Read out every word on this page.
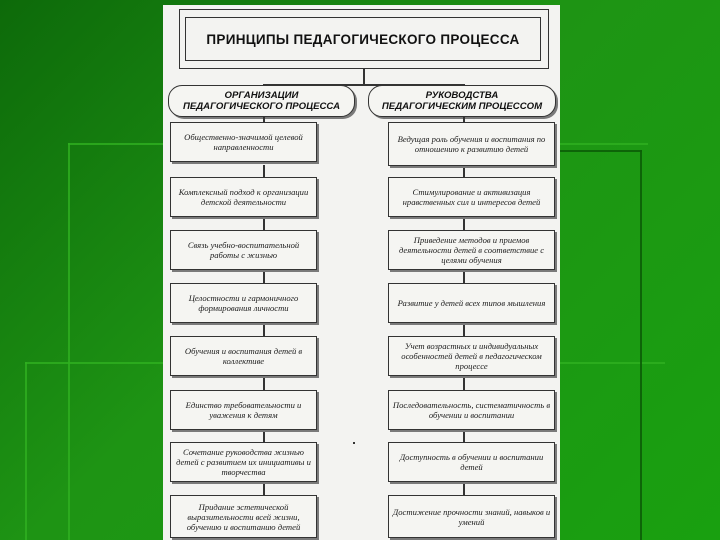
ПРИНЦИПЫ ПЕДАГОГИЧЕСКОГО ПРОЦЕССА
ОРГАНИЗАЦИИ
ПЕДАГОГИЧЕСКОГО ПРОЦЕССА
РУКОВОДСТВА
ПЕДАГОГИЧЕСКИМ ПРОЦЕССОМ
Общественно-значимой целевой направленности
Комплексный подход к организации детской деятельности
Связь учебно-воспитательной работы с жизнью
Целостности и гармоничного формирования личности
Обучения и воспитания детей в коллективе
Единство требовательности и уважения к детям
Сочетание руководства жизнью детей с развитием их инициативы и творчества
Придание эстетической выразительности всей жизни, обучению и воспитанию детей
Ведущая роль обучения и воспитания по отношению к развитию детей
Стимулирование и активизация нравственных сил и интересов детей
Приведение методов и приемов деятельности детей в соответствие с целями обучения
Развитие у детей всех типов мышления
Учет возрастных и индивидуальных особенностей детей в педагогическом процессе
Последовательность, систематичность в обучении и воспитании
Доступность в обучении и воспитании детей
Достижение прочности знаний, навыков и умений
